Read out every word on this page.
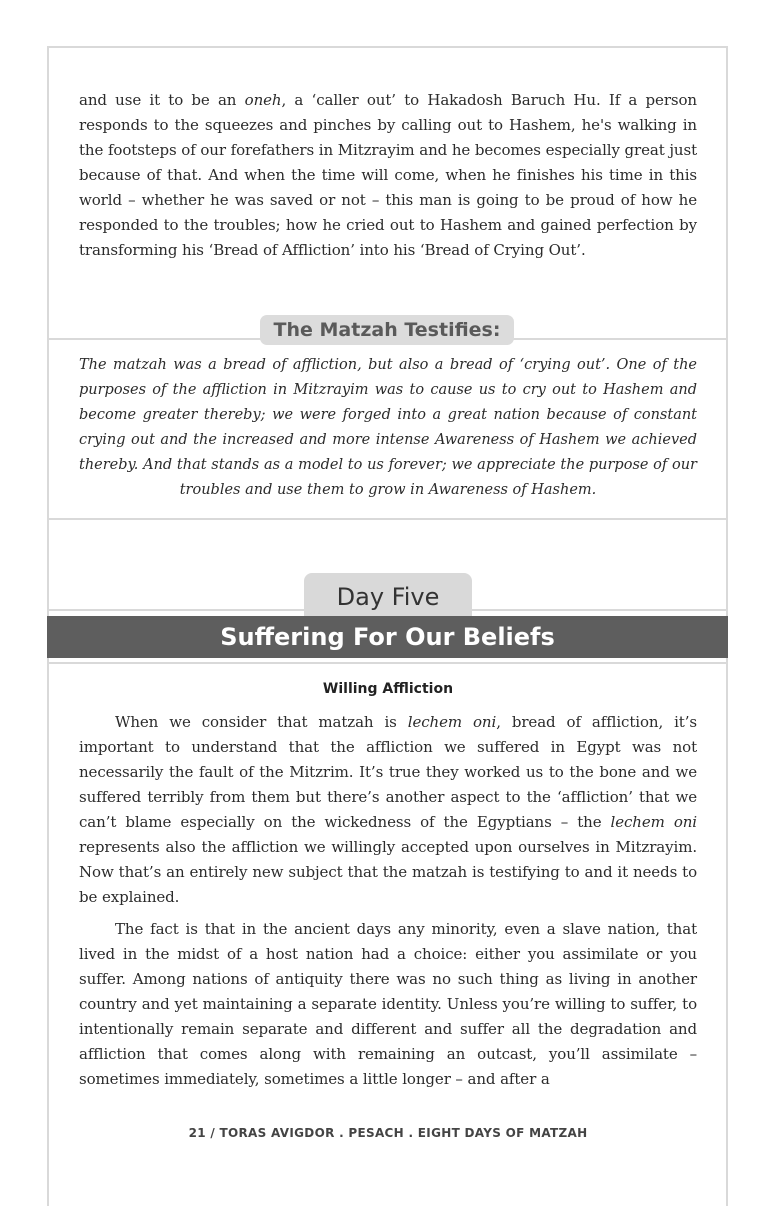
and use it to be an oneh, a ‘caller out’ to Hakadosh Baruch Hu. If a person responds to the squeezes and pinches by calling out to Hashem, he's walking in the footsteps of our forefathers in Mitzrayim and he becomes especially great just because of that. And when the time will come, when he finishes his time in this world – whether he was saved or not – this man is going to be proud of how he responded to the troubles; how he cried out to Hashem and gained perfection by transforming his ‘Bread of Affliction’ into his ‘Bread of Crying Out’.

The Matzah Testifies:

The matzah was a bread of affliction, but also a bread of ‘crying out’. One of the purposes of the affliction in Mitzrayim was to cause us to cry out to Hashem and become greater thereby; we were forged into a great nation because of constant crying out and the increased and more intense Awareness of Hashem we achieved thereby. And that stands as a model to us forever; we appreciate the purpose of our troubles and use them to grow in Awareness of Hashem.

Day Five
Suffering For Our Beliefs
Willing Affliction

When we consider that matzah is lechem oni, bread of affliction, it’s important to understand that the affliction we suffered in Egypt was not necessarily the fault of the Mitzrim. It’s true they worked us to the bone and we suffered terribly from them but there’s another aspect to the ‘affliction’ that we can’t blame especially on the wickedness of the Egyptians – the lechem oni represents also the affliction we willingly accepted upon ourselves in Mitzrayim. Now that’s an entirely new subject that the matzah is testifying to and it needs to be explained.

The fact is that in the ancient days any minority, even a slave nation, that lived in the midst of a host nation had a choice: either you assimilate or you suffer. Among nations of antiquity there was no such thing as living in another country and yet maintaining a separate identity. Unless you’re willing to suffer, to intentionally remain separate and different and suffer all the degradation and affliction that comes along with remaining an outcast, you’ll assimilate – sometimes immediately, sometimes a little longer – and after a

21 / TORAS AVIGDOR . PESACH . EIGHT DAYS OF MATZAH
